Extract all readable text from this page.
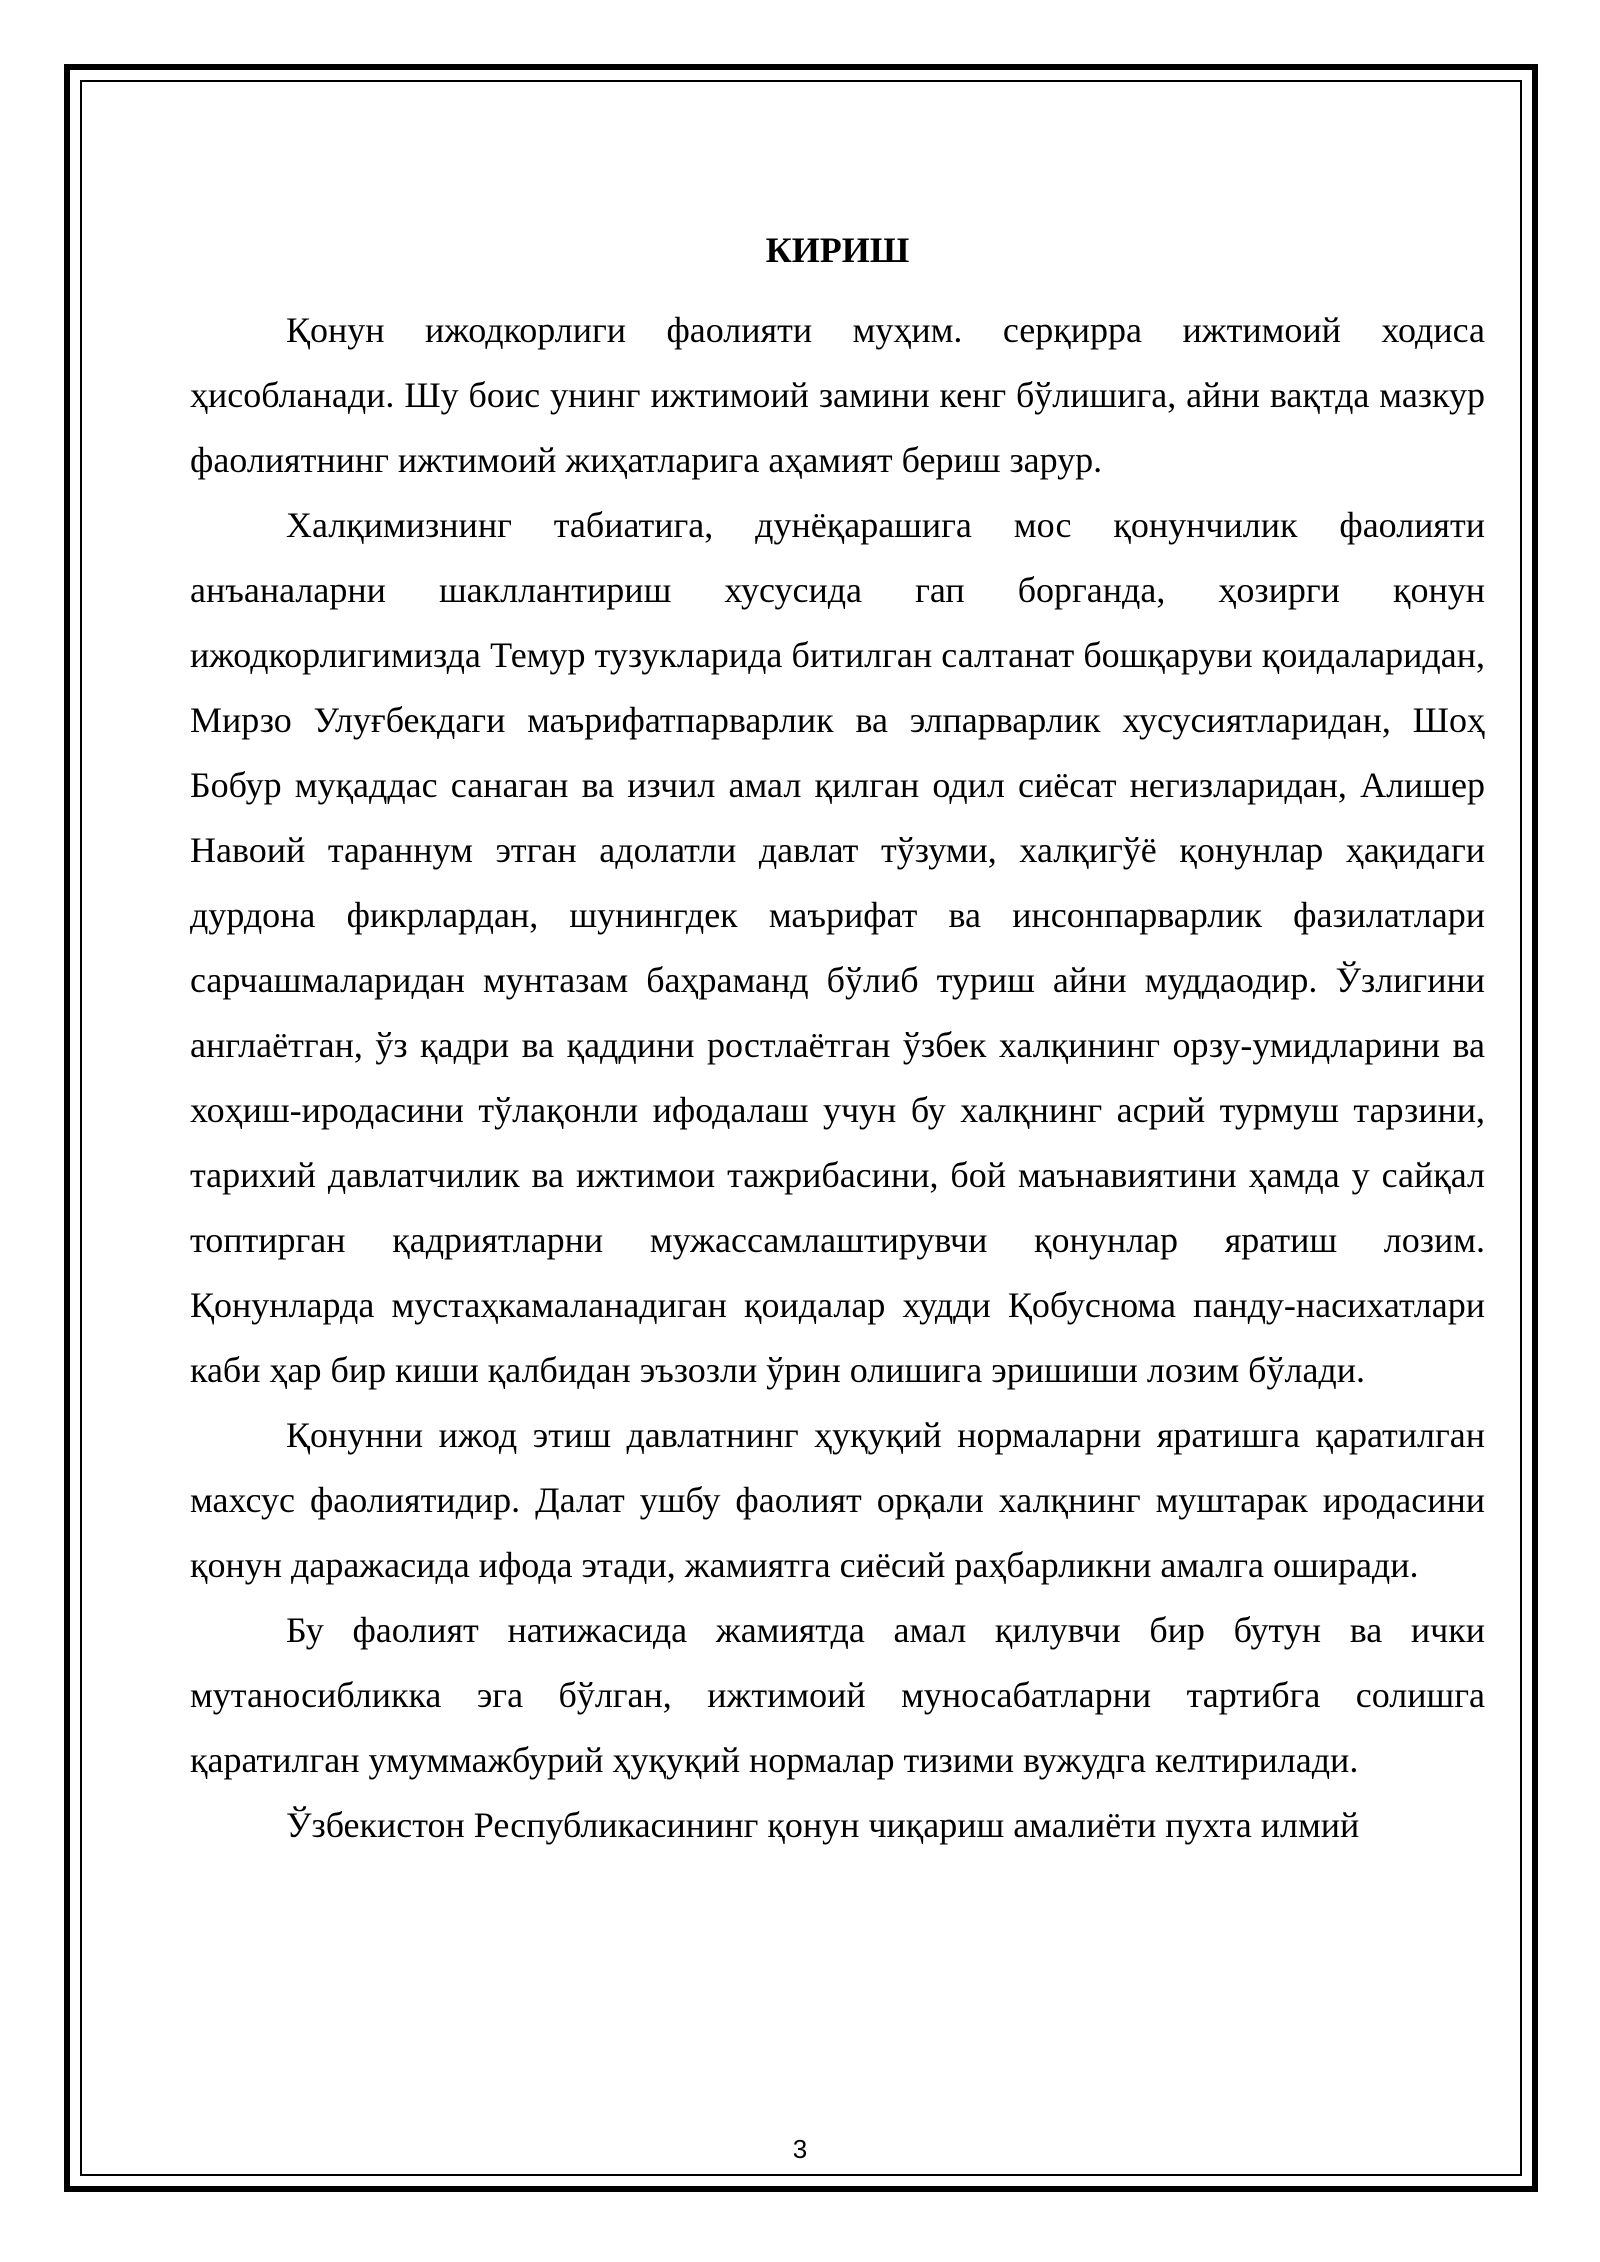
КИРИШ

Қонун ижодкорлиги фаолияти муҳим. серқирра ижтимоий ходиса ҳисобланади. Шу боис унинг ижтимоий замини кенг бўлишига, айни вақтда мазкур фаолиятнинг ижтимоий жиҳатларига аҳамият бериш зарур.

Халқимизнинг табиатига, дунёқарашига мос қонунчилик фаолияти анъаналарни шакллантириш хусусида гап борганда, ҳозирги қонун ижодкорлигимизда Темур тузукларида битилган салтанат бошқаруви қоидаларидан, Мирзо Улуғбекдаги маърифатпарварлик ва элпарварлик хусусиятларидан, Шоҳ Бобур муқаддас санаган ва изчил амал қилган одил сиёсат негизларидан, Алишер Навоий тараннум этган адолатли давлат тўзуми, халқигўё қонунлар ҳақидаги дурдона фикрлардан, шунингдек маърифат ва инсонпарварлик фазилатлари сарчашмаларидан мунтазам баҳраманд бўлиб туриш айни муддаодир. Ўзлигини англаётган, ўз қадри ва қаддини ростлаётган ўзбек халқининг орзу-умидларини ва хоҳиш-иродасини тўлақонли ифодалаш учун бу халқнинг асрий турмуш тарзини, тарихий давлатчилик ва ижтимои тажрибасини, бой маънавиятини ҳамда у сайқал топтирган қадриятларни мужассамлаштирувчи қонунлар яратиш лозим. Қонунларда мустаҳкамаланадиган қоидалар худди Қобуснома панду-насихатлари каби ҳар бир киши қалбидан эъзозли ўрин олишига эришиши лозим бўлади.

Қонунни ижод этиш давлатнинг ҳуқуқий нормаларни яратишга қаратилган махсус фаолиятидир. Далат ушбу фаолият орқали халқнинг муштарак иродасини қонун даражасида ифода этади, жамиятга сиёсий раҳбарликни амалга оширади.

Бу фаолият натижасида жамиятда амал қилувчи бир бутун ва ички мутаносибликка эга бўлган, ижтимоий муносабатларни тартибга солишга қаратилган умуммажбурий ҳуқуқий нормалар тизими вужудга келтирилади.

Ўзбекистон Республикасининг қонун чиқариш амалиёти пухта илмий

3
